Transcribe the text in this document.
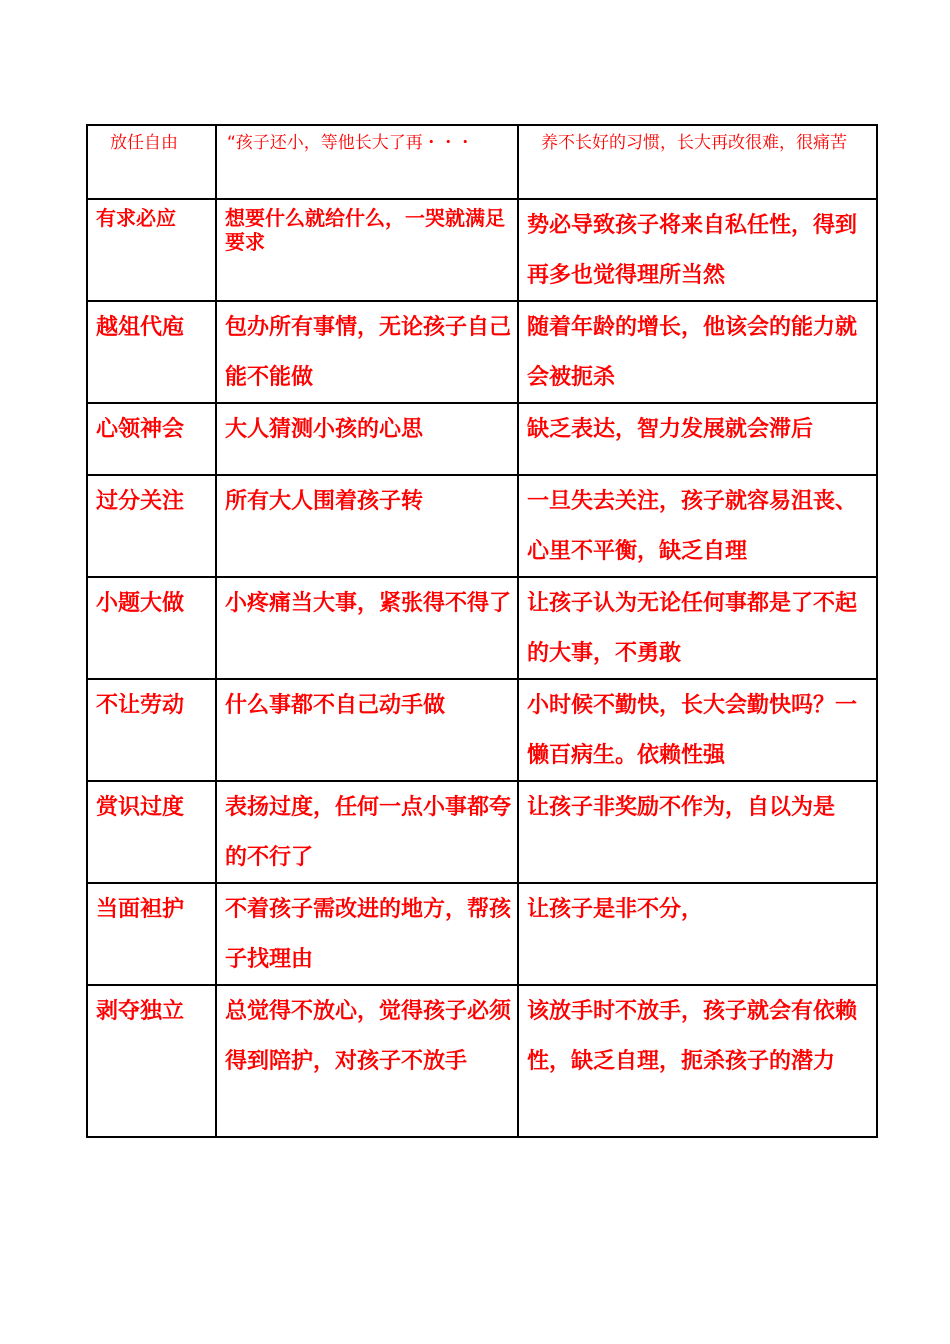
放任自由	“孩子还小，等他长大了再・・・	养不长好的习惯，长大再改很难，很痛苦

有求必应	想要什么就给什么，一哭就满足要求	势必导致孩子将来自私任性，得到再多也觉得理所当然

越俎代庖	包办所有事情，无论孩子自己能不能做	随着年龄的增长，他该会的能力就会被扼杀

心领神会	大人猜测小孩的心思	缺乏表达，智力发展就会滞后

过分关注	所有大人围着孩子转	一旦失去关注，孩子就容易沮丧、心里不平衡，缺乏自理

小题大做	小疼痛当大事，紧张得不得了	让孩子认为无论任何事都是了不起的大事，不勇敢

不让劳动	什么事都不自己动手做	小时候不勤快，长大会勤快吗？一懒百病生。依赖性强

赏识过度	表扬过度，任何一点小事都夸的不行了	让孩子非奖励不作为，自以为是

当面袒护	不着孩子需改进的地方，帮孩子找理由	让孩子是非不分，

剥夺独立	总觉得不放心，觉得孩子必须得到陪护，对孩子不放手	该放手时不放手，孩子就会有依赖性，缺乏自理，扼杀孩子的潜力
